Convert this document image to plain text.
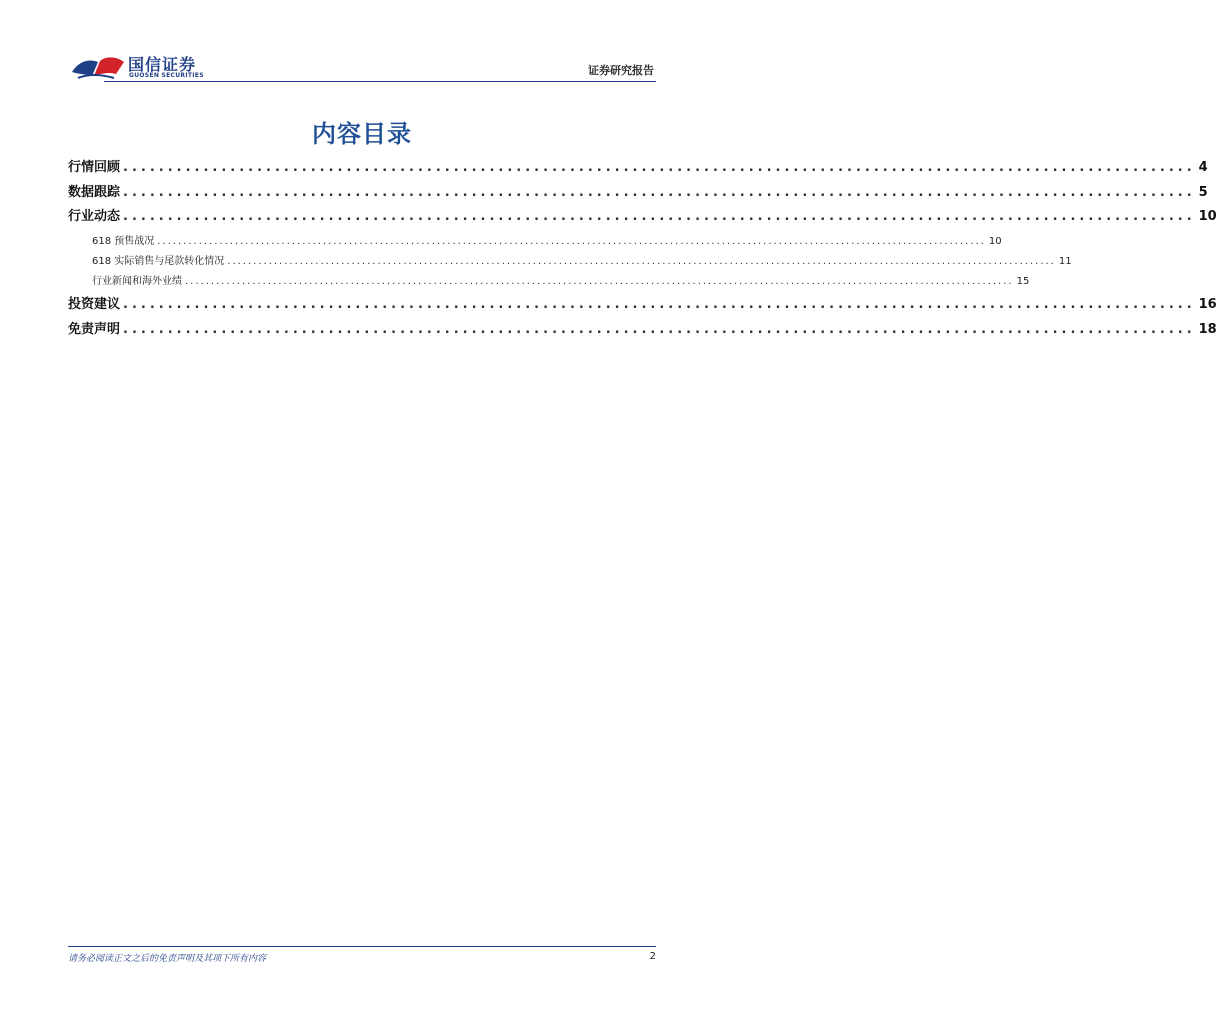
国信证券
GUOSEN SECURITIES	证券研究报告
内容目录
行情回顾 ........................................................................................................................ 4
数据跟踪 ........................................................................................................................ 5
行业动态 ........................................................................................................................ 10
618 预售战况 ................................................................................................................................................................ 10
618 实际销售与尾款转化情况 ................................................................................................................................................................ 11
行业新闻和海外业绩 ................................................................................................................................................................ 15
投资建议 ........................................................................................................................ 16
免责声明 ........................................................................................................................ 18
请务必阅读正文之后的免责声明及其项下所有内容	2
